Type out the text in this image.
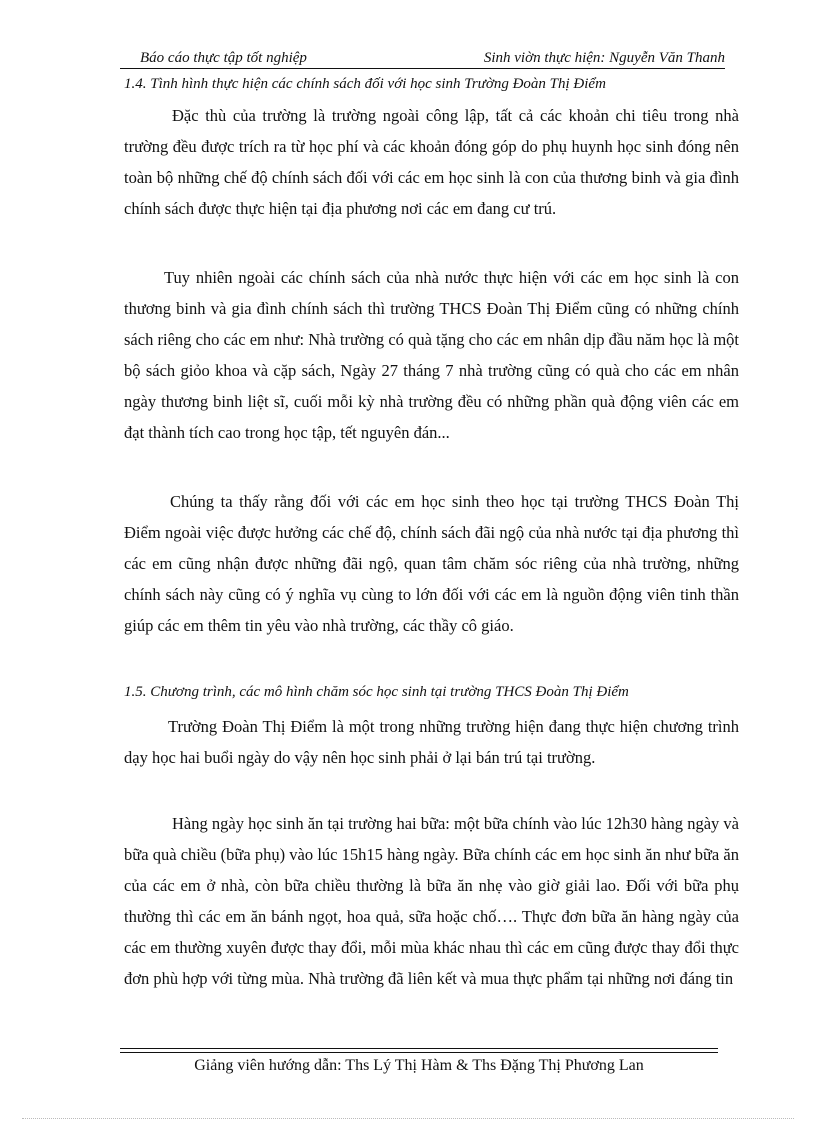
Báo cáo thực tập tốt nghiệp	Sinh viờn thực hiện: Nguyễn Văn Thanh
1.4. Tình hình thực hiện các chính sách đối với học sinh Trường Đoàn Thị Điểm

Đặc thù của trường là trường ngoài công lập, tất cả các khoản chi tiêu trong nhà trường đều được trích ra từ học phí và các khoản đóng góp do phụ huynh học sinh đóng nên toàn bộ những chế độ chính sách đối với các em học sinh là con của thương binh và gia đình chính sách được thực hiện tại địa phương nơi các em đang cư trú.

Tuy nhiên ngoài các chính sách của nhà nước thực hiện với các em học sinh là con thương binh và gia đình chính sách thì trường THCS Đoàn Thị Điểm cũng có những chính sách riêng cho các em như: Nhà trường có quà tặng cho các em nhân dịp đầu năm học là một bộ sách giỏo khoa và cặp sách, Ngày 27 tháng 7 nhà trường cũng có quà cho các em nhân ngày thương binh liệt sĩ, cuối mỗi kỳ nhà trường đều có những phần quà động viên các em đạt thành tích cao trong học tập, tết nguyên đán...

Chúng ta thấy rằng đối với các em học sinh theo học tại trường THCS Đoàn Thị Điểm ngoài việc được hưởng các chế độ, chính sách đãi ngộ của nhà nước tại địa phương thì các em cũng nhận được những đãi ngộ, quan tâm chăm sóc riêng của nhà trường, những chính sách này cũng có ý nghĩa vụ cùng to lớn đối với các em là nguồn động viên tinh thần giúp các em thêm tin yêu vào nhà trường, các thầy cô giáo.

1.5. Chương trình, các mô hình chăm sóc học sinh tại trường THCS Đoàn Thị Điểm

Trường Đoàn Thị Điểm là một trong những trường hiện đang thực hiện chương trình dạy học hai buổi ngày do vậy nên học sinh phải ở lại bán trú tại trường.

Hàng ngày học sinh ăn tại trường hai bữa: một bữa chính vào lúc 12h30 hàng ngày và bữa quà chiều (bữa phụ) vào lúc 15h15 hàng ngày. Bữa chính các em học sinh ăn như bữa ăn của các em ở nhà, còn bữa chiều thường là bữa ăn nhẹ vào giờ giải lao. Đối với bữa phụ thường thì các em ăn bánh ngọt, hoa quả, sữa hoặc chố…. Thực đơn bữa ăn hàng ngày của các em thường xuyên được thay đổi, mỗi mùa khác nhau thì các em cũng được thay đổi thực đơn phù hợp với từng mùa. Nhà trường đã liên kết và mua thực phẩm tại những nơi đáng tin

Giảng viên hướng dẫn: Ths Lý Thị Hàm & Ths Đặng Thị Phương Lan
